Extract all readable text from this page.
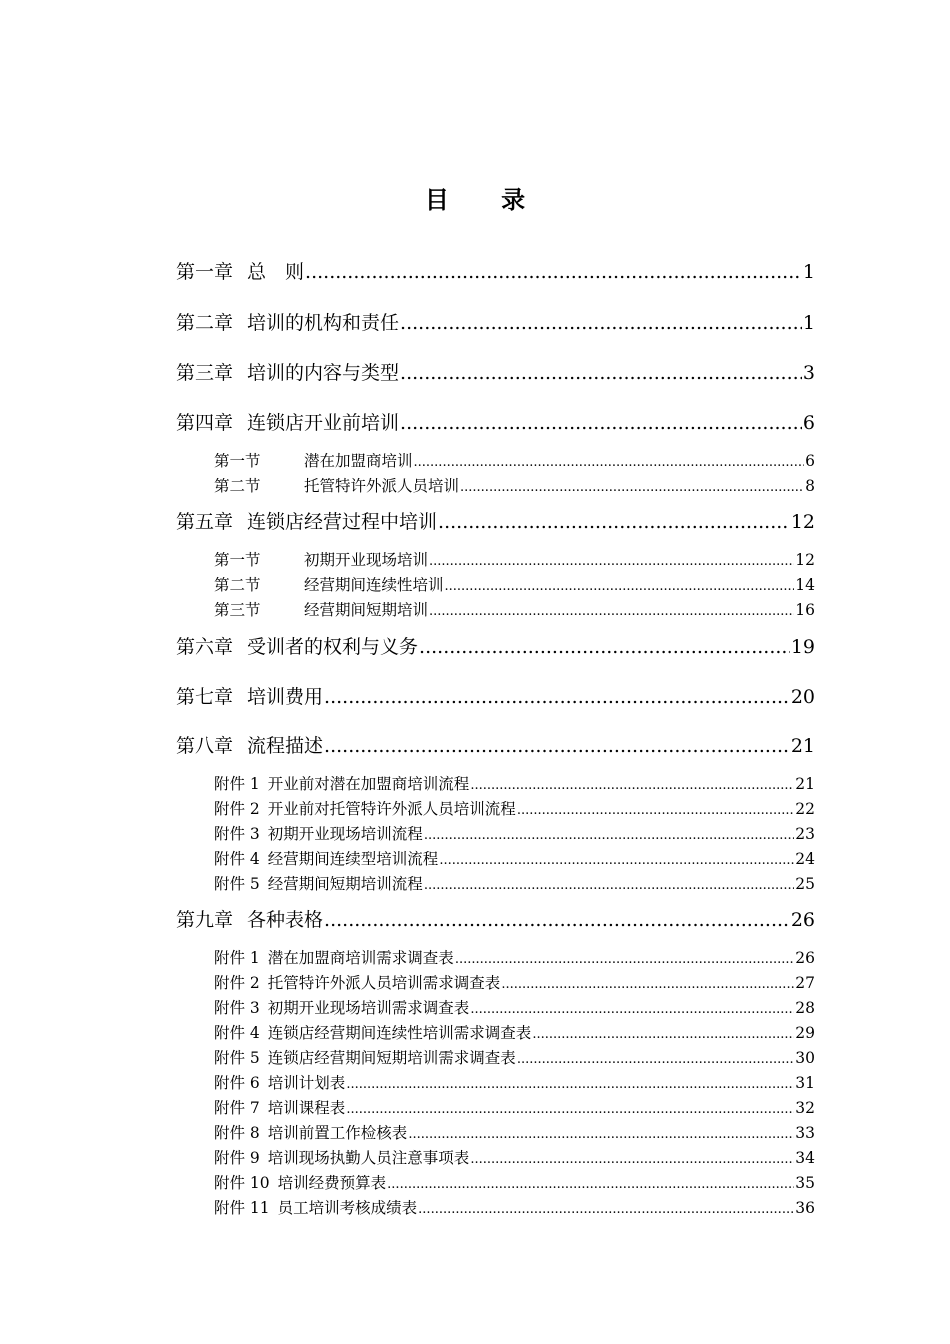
目 录
第一章 总　则 .....	1
第二章 培训的机构和责任 .....	1
第三章 培训的内容与类型 .....	3
第四章 连锁店开业前培训 .....	6
第一节	潜在加盟商培训 .....	6
第二节	托管特许外派人员培训 .....	8
第五章 连锁店经营过程中培训 .....	12
第一节	初期开业现场培训 .....	12
第二节	经营期间连续性培训 .....	14
第三节	经营期间短期培训 .....	16
第六章 受训者的权利与义务 .....	19
第七章 培训费用 .....	20
第八章 流程描述 .....	21
附件 1 开业前对潜在加盟商培训流程 .....	21
附件 2 开业前对托管特许外派人员培训流程 .....	22
附件 3 初期开业现场培训流程 .....	23
附件 4 经营期间连续型培训流程 .....	24
附件 5 经营期间短期培训流程 .....	25
第九章 各种表格 .....	26
附件 1 潜在加盟商培训需求调查表 .....	26
附件 2 托管特许外派人员培训需求调查表 .....	27
附件 3 初期开业现场培训需求调查表 .....	28
附件 4 连锁店经营期间连续性培训需求调查表 .....	29
附件 5 连锁店经营期间短期培训需求调查表 .....	30
附件 6 培训计划表 .....	31
附件 7 培训课程表 .....	32
附件 8 培训前置工作检核表 .....	33
附件 9 培训现场执勤人员注意事项表 .....	34
附件 10 培训经费预算表 .....	35
附件 11 员工培训考核成绩表 .....	36
